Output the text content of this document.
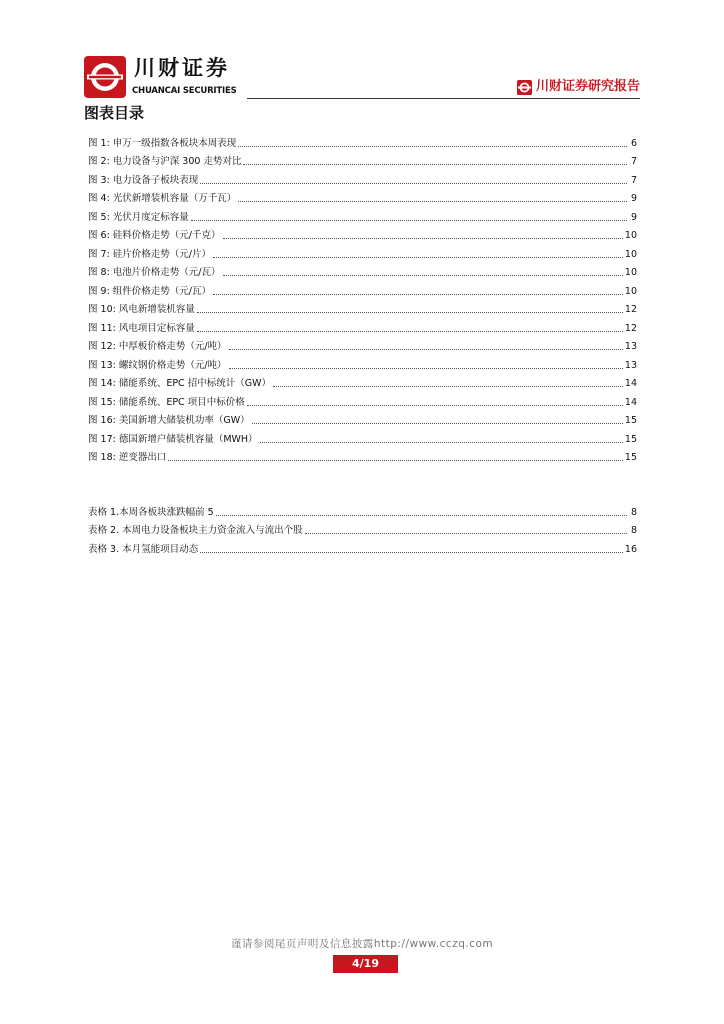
川财证券
CHUANCAI SECURITIES	川财证券研究报告
图表目录
图 1: 申万一级指数各板块本周表现	6
图 2: 电力设备与沪深 300 走势对比	7
图 3: 电力设备子板块表现	7
图 4: 光伏新增装机容量（万千瓦）	9
图 5: 光伏月度定标容量	9
图 6: 硅料价格走势（元/千克）	10
图 7: 硅片价格走势（元/片）	10
图 8: 电池片价格走势（元/瓦）	10
图 9: 组件价格走势（元/瓦）	10
图 10: 风电新增装机容量	12
图 11: 风电项目定标容量	12
图 12: 中厚板价格走势（元/吨）	13
图 13: 螺纹钢价格走势（元/吨）	13
图 14: 储能系统、EPC 招中标统计（GW）	14
图 15: 储能系统、EPC 项目中标价格	14
图 16: 美国新增大储装机功率（GW）	15
图 17: 德国新增户储装机容量（MWH）	15
图 18: 逆变器出口	15
表格 1.本周各板块涨跌幅前 5	8
表格 2. 本周电力设备板块主力资金流入与流出个股	8
表格 3. 本月氢能项目动态	16
谨请参阅尾页声明及信息披露http://www.cczq.com
4/19
